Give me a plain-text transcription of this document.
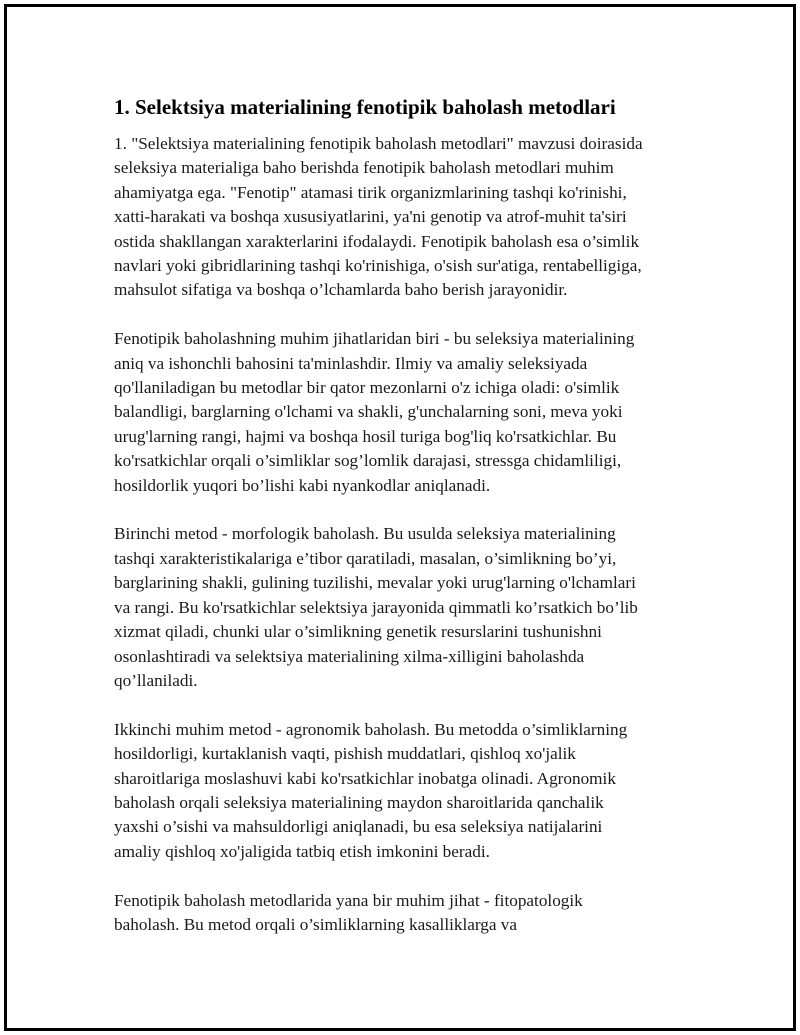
1. Selektsiya materialining fenotipik baholash metodlari

1. "Selektsiya materialining fenotipik baholash metodlari" mavzusi doirasida
seleksiya materialiga baho berishda fenotipik baholash metodlari muhim
ahamiyatga ega. "Fenotip" atamasi tirik organizmlarining tashqi ko'rinishi,
xatti-harakati va boshqa xususiyatlarini, ya'ni genotip va atrof-muhit ta'siri
ostida shakllangan xarakterlarini ifodalaydi. Fenotipik baholash esa o’simlik
navlari yoki gibridlarining tashqi ko'rinishiga, o'sish sur'atiga, rentabelligiga,
mahsulot sifatiga va boshqa o’lchamlarda baho berish jarayonidir.

Fenotipik baholashning muhim jihatlaridan biri - bu seleksiya materialining
aniq va ishonchli bahosini ta'minlashdir. Ilmiy va amaliy seleksiyada
qo'llaniladigan bu metodlar bir qator mezonlarni o'z ichiga oladi: o'simlik
balandligi, barglarning o'lchami va shakli, g'unchalarning soni, meva yoki
urug'larning rangi, hajmi va boshqa hosil turiga bog'liq ko'rsatkichlar. Bu
ko'rsatkichlar orqali o’simliklar sog’lomlik darajasi, stressga chidamliligi,
hosildorlik yuqori bo’lishi kabi nyankodlar aniqlanadi.

Birinchi metod - morfologik baholash. Bu usulda seleksiya materialining
tashqi xarakteristikalariga e’tibor qaratiladi, masalan, o’simlikning bo’yi,
barglarining shakli, gulining tuzilishi, mevalar yoki urug'larning o'lchamlari
va rangi. Bu ko'rsatkichlar selektsiya jarayonida qimmatli ko’rsatkich bo’lib
xizmat qiladi, chunki ular o’simlikning genetik resurslarini tushunishni
osonlashtiradi va selektsiya materialining xilma-xilligini baholashda
qo’llaniladi.

Ikkinchi muhim metod - agronomik baholash. Bu metodda o’simliklarning
hosildorligi, kurtaklanish vaqti, pishish muddatlari, qishloq xo'jalik
sharoitlariga moslashuvi kabi ko'rsatkichlar inobatga olinadi. Agronomik
baholash orqali seleksiya materialining maydon sharoitlarida qanchalik
yaxshi o’sishi va mahsuldorligi aniqlanadi, bu esa seleksiya natijalarini
amaliy qishloq xo'jaligida tatbiq etish imkonini beradi.

Fenotipik baholash metodlarida yana bir muhim jihat - fitopatologik
baholash. Bu metod orqali o’simliklarning kasalliklarga va
